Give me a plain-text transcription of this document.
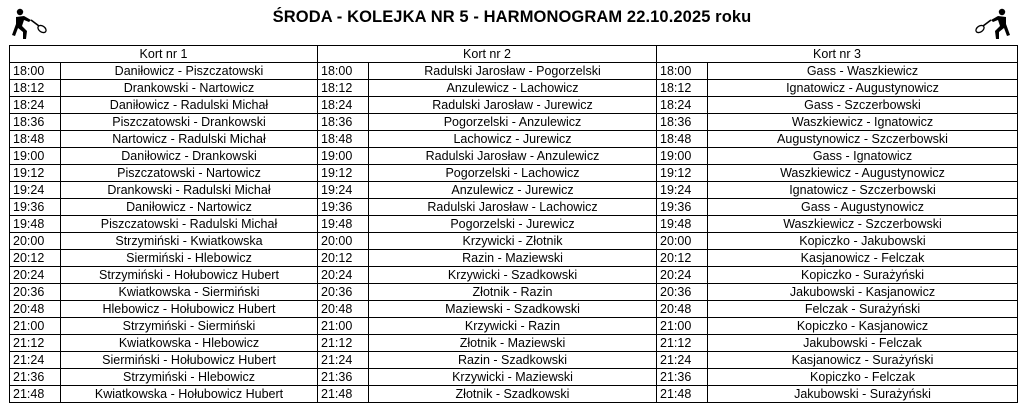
ŚRODA - KOLEJKA NR 5 - HARMONOGRAM 22.10.2025 roku
Kort nr 1		Kort nr 2		Kort nr 3	
18:00	Daniłowicz - Piszczatowski	18:00	Radulski Jarosław - Pogorzelski	18:00	Gass - Waszkiewicz
18:12	Drankowski - Nartowicz	18:12	Anzulewicz - Lachowicz	18:12	Ignatowicz - Augustynowicz
18:24	Daniłowicz - Radulski Michał	18:24	Radulski Jarosław - Jurewicz	18:24	Gass - Szczerbowski
18:36	Piszczatowski - Drankowski	18:36	Pogorzelski - Anzulewicz	18:36	Waszkiewicz - Ignatowicz
18:48	Nartowicz - Radulski Michał	18:48	Lachowicz - Jurewicz	18:48	Augustynowicz - Szczerbowski
19:00	Daniłowicz - Drankowski	19:00	Radulski Jarosław - Anzulewicz	19:00	Gass - Ignatowicz
19:12	Piszczatowski - Nartowicz	19:12	Pogorzelski - Lachowicz	19:12	Waszkiewicz - Augustynowicz
19:24	Drankowski - Radulski Michał	19:24	Anzulewicz - Jurewicz	19:24	Ignatowicz - Szczerbowski
19:36	Daniłowicz - Nartowicz	19:36	Radulski Jarosław - Lachowicz	19:36	Gass - Augustynowicz
19:48	Piszczatowski - Radulski Michał	19:48	Pogorzelski - Jurewicz	19:48	Waszkiewicz - Szczerbowski
20:00	Strzymiński - Kwiatkowska	20:00	Krzywicki - Złotnik	20:00	Kopiczko - Jakubowski
20:12	Siermiński - Hlebowicz	20:12	Razin - Maziewski	20:12	Kasjanowicz - Felczak
20:24	Strzymiński - Hołubowicz Hubert	20:24	Krzywicki - Szadkowski	20:24	Kopiczko - Surażyński
20:36	Kwiatkowska - Siermiński	20:36	Złotnik - Razin	20:36	Jakubowski - Kasjanowicz
20:48	Hlebowicz - Hołubowicz Hubert	20:48	Maziewski - Szadkowski	20:48	Felczak - Surażyński
21:00	Strzymiński - Siermiński	21:00	Krzywicki - Razin	21:00	Kopiczko - Kasjanowicz
21:12	Kwiatkowska - Hlebowicz	21:12	Złotnik - Maziewski	21:12	Jakubowski - Felczak
21:24	Siermiński - Hołubowicz Hubert	21:24	Razin - Szadkowski	21:24	Kasjanowicz - Surażyński
21:36	Strzymiński - Hlebowicz	21:36	Krzywicki - Maziewski	21:36	Kopiczko - Felczak
21:48	Kwiatkowska - Hołubowicz Hubert	21:48	Złotnik - Szadkowski	21:48	Jakubowski - Surażyński
